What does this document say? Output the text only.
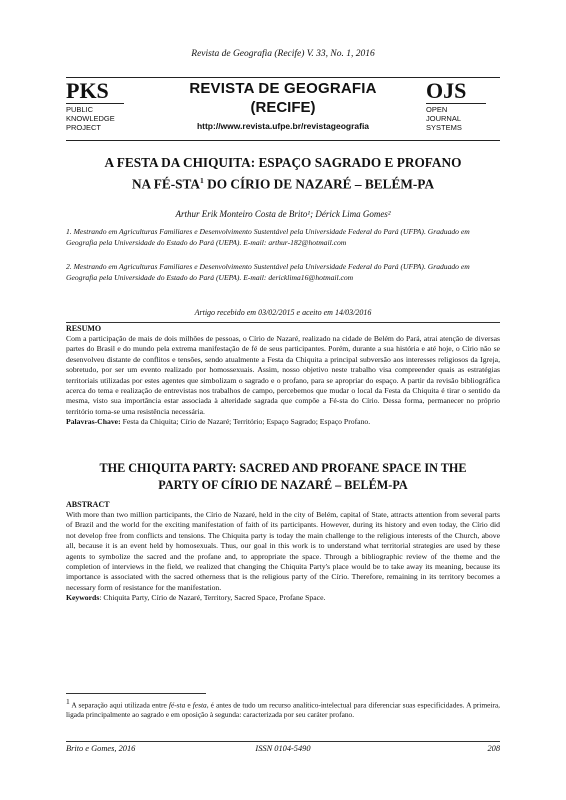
Revista de Geografia (Recife) V. 33, No. 1, 2016
PKS
PUBLIC
KNOWLEDGE
PROJECT
REVISTA DE GEOGRAFIA
(RECIFE)
http://www.revista.ufpe.br/revistageografia
OJS
OPEN
JOURNAL
SYSTEMS
A FESTA DA CHIQUITA: ESPAÇO SAGRADO E PROFANO
NA FÉ-STA$^1$ DO CÍRIO DE NAZARÉ – BELÉM-PA
Arthur Erik Monteiro Costa de Brito¹; Dérick Lima Gomes²
1. Mestrando em Agriculturas Familiares e Desenvolvimento Sustentável pela Universidade Federal do Pará (UFPA). Graduado em Geografia pela Universidade do Estado do Pará (UEPA). E-mail: arthur-182@hotmail.com
2. Mestrando em Agriculturas Familiares e Desenvolvimento Sustentável pela Universidade Federal do Pará (UFPA). Graduado em Geografia pela Universidade do Estado do Pará (UEPA). E-mail: dericklima16@hotmail.com
Artigo recebido em 03/02/2015 e aceito em 14/03/2016
RESUMO
Com a participação de mais de dois milhões de pessoas, o Círio de Nazaré, realizado na cidade de Belém do Pará, atrai atenção de diversas partes do Brasil e do mundo pela extrema manifestação de fé de seus participantes. Porém, durante a sua história e até hoje, o Círio não se desenvolveu distante de conflitos e tensões, sendo atualmente a Festa da Chiquita a principal subversão aos interesses religiosos da Igreja, sobretudo, por ser um evento realizado por homossexuais. Assim, nosso objetivo neste trabalho visa compreender quais as estratégias territoriais utilizadas por estes agentes que simbolizam o sagrado e o profano, para se apropriar do espaço. A partir da revisão bibliográfica acerca do tema e realização de entrevistas nos trabalhos de campo, percebemos que mudar o local da Festa da Chiquita é tirar o sentido da mesma, visto sua importância estar associada à alteridade sagrada que compõe a Fé-sta do Círio. Dessa forma, permanecer no próprio território torna-se uma resistência necessária.
Palavras-Chave: Festa da Chiquita; Círio de Nazaré; Território; Espaço Sagrado; Espaço Profano.
THE CHIQUITA PARTY: SACRED AND PROFANE SPACE IN THE
PARTY OF CÍRIO DE NAZARÉ – BELÉM-PA
ABSTRACT
With more than two million participants, the Círio de Nazaré, held in the city of Belém, capital of State, attracts attention from several parts of Brazil and the world for the exciting manifestation of faith of its participants. However, during its history and even today, the Círio did not develop free from conflicts and tensions. The Chiquita party is today the main challenge to the religious interests of the Church, above all, because it is an event held by homosexuals. Thus, our goal in this work is to understand what territorial strategies are used by these agents to symbolize the sacred and the profane and, to appropriate the space. Through a bibliographic review of the theme and the completion of interviews in the field, we realized that changing the Chiquita Party's place would be to take away its meaning, because its importance is associated with the sacred otherness that is the religious party of the Círio. Therefore, remaining in its territory becomes a necessary form of resistance for the manifestation.
Keywords: Chiquita Party, Círio de Nazaré, Territory, Sacred Space, Profane Space.
$^1$ A separação aqui utilizada entre fé-sta e festa, é antes de tudo um recurso analítico-intelectual para diferenciar suas especificidades. A primeira, ligada principalmente ao sagrado e em oposição à segunda: caracterizada por seu caráter profano.
Brito e Gomes, 2016	ISSN 0104-5490	208
